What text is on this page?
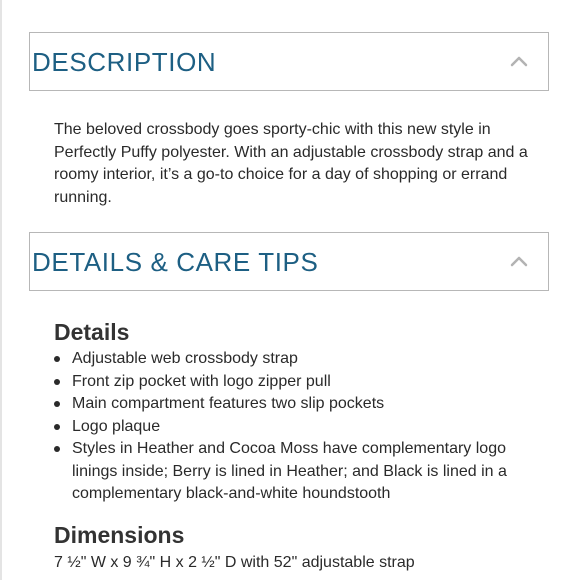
DESCRIPTION

The beloved crossbody goes sporty-chic with this new style in Perfectly Puffy polyester. With an adjustable crossbody strap and a roomy interior, it’s a go-to choice for a day of shopping or errand running.

DETAILS & CARE TIPS
Details
Adjustable web crossbody strap
Front zip pocket with logo zipper pull
Main compartment features two slip pockets
Logo plaque
Styles in Heather and Cocoa Moss have complementary logo linings inside; Berry is lined in Heather; and Black is lined in a complementary black-and-white houndstooth
Dimensions
7 ½" W x 9 ¾" H x 2 ½" D with 52" adjustable strap
